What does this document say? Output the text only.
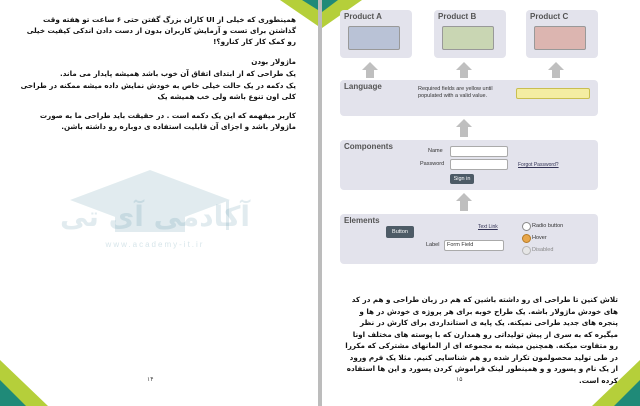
آکادمی آی تی
www.academy-it.ir
همینطوری که خیلی از UI کاران بزرگ گفتن حتی ۶ ساعت تو هفته وقت گذاشتن برای تست و آزمایش کاربران بدون از دست دادن اندکی کیفیت خیلی رو کمک کار کار کنارو؟!
ماژولار بودن
یک طراحی که از ابتدای اتفاق آن خوب باشد همیشه پایدار می ماند.
یک دکمه در یک حالت خیلی خاص به خودش نمایش داده میشه ممکنه در طراحی کلی اون تنوع باشه ولی خب همیشه یک
کاربر میفهمه که این یک دکمه است . در حقیقت باید طراحی ما به صورت ماژولار باشد و اجزای آن قابلیت استفاده ی دوباره رو داشته باشن.
۱۴
Product A	Product B	Product C
Language	Required fields are yellow until populated with a valid value.
Components	Name
Password	Forgot Password?
Sign in
Elements
Button
Text Link
Label Form Field
Radio button
Hover
Disabled
تلاش کنین تا طراحی ای رو داشته باشین که هم در زبان طراحی و هم در کد های خودش ماژولار باشه. یک طراح خوبه برای هر پروژه ی خودش در ها و پنجره های جدید طراحی نمیکنه. یک پایه ی استانداردی برای کارش در نظر میگیره که به سری از پیش تولیداتی رو همدارن که با پوسته های مختلف اونا رو متفاوت میکنه. همچنین میشه به مجموعه ای از المانهای مشترکی که مکررا در طی تولید محصولمون تکرار شده رو هم شناسایی کنیم. مثلا یک فرم ورود از یک نام و پسورد و و همینطور لینک فراموش کردن پسورد و این ها استفاده کرده است.
۱۵
